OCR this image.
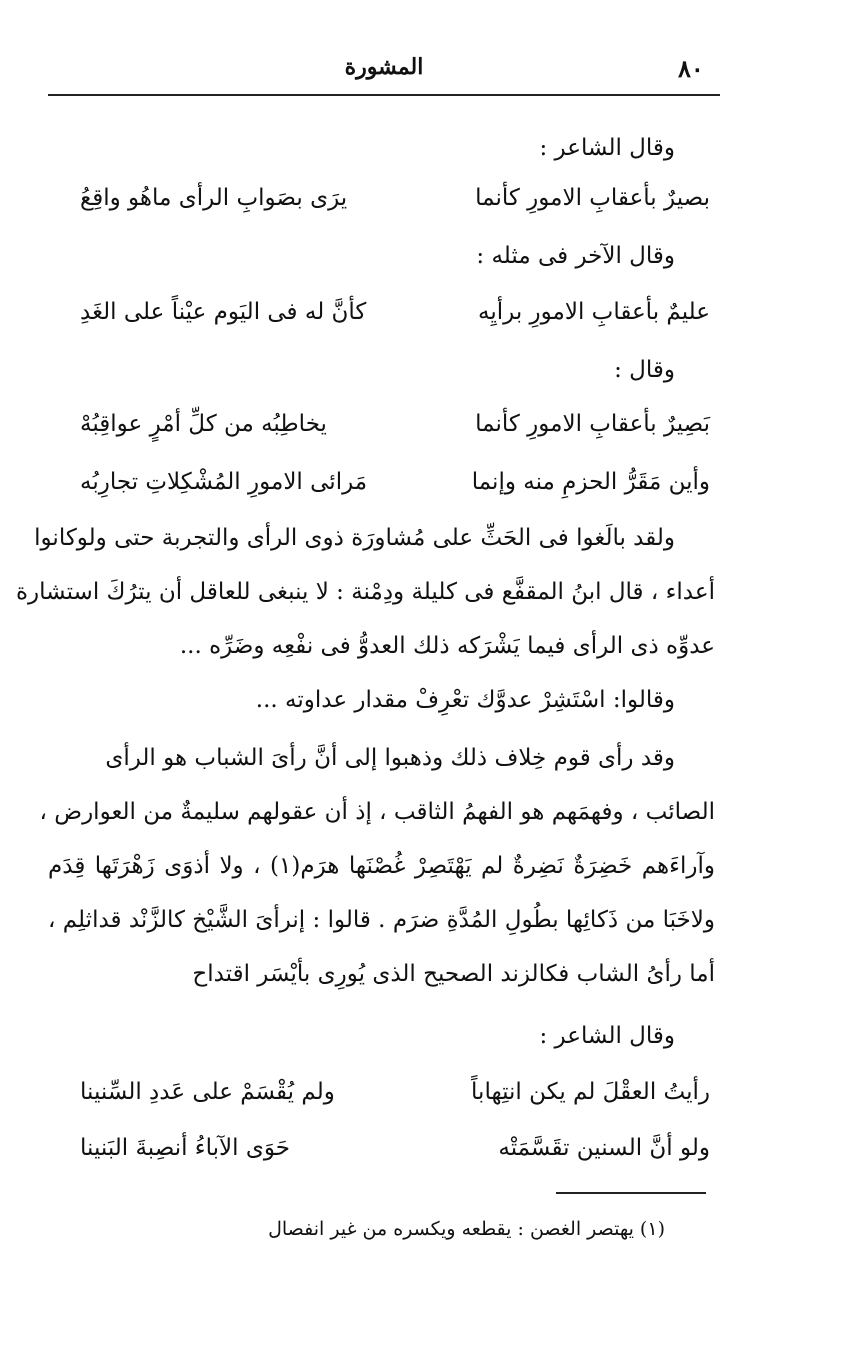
٨٠
المشورة
وقال الشاعر :
بصيرٌ بأعقابِ الامورِ كأنما
يرَى بصَوابِ الرأى ماهُو واقِعُ
وقال الآخر فى مثله :
عليمٌ بأعقابِ الامورِ برأيِه
كأنَّ له فى اليَوم عيْناً على الغَدِ
وقال :
بَصِيرٌ بأعقابِ الامورِ كأنما
يخاطِبُه من كلِّ أمْرٍ عواقِبُهْ
وأين مَقَرُّ الحزمِ منه وإنما
مَرائى الامورِ المُشْكِلاتِ تجارِبُه
ولقد بالَغوا فى الحَثِّ على مُشاورَة ذوى الرأى والتجربة حتى ولوكانوا
أعداء ، قال ابنُ المقفَّع فى كليلة ودِمْنة : لا ينبغى للعاقل أن يترُكَ استشارة
عدوِّه ذى الرأى فيما يَشْرَكه ذلك العدوُّ فى نفْعِه وضَرِّه ...
وقالوا: اسْتَشِرْ عدوَّك تعْرِفْ مقدار عداوته ...
وقد رأى قوم خِلاف ذلك وذهبوا إلى أنَّ رأىَ الشباب هو الرأى
الصائب ، وفهمَهم هو الفهمُ الثاقب ، إذ أن عقولهم سليمةٌ من العوارض ،
وآراءَهم خَضِرَةٌ نَضِرةٌ لم يَهْتَصِرْ غُصْنَها هرَم(١) ، ولا أذوَى زَهْرَتَها قِدَم
ولاخَبَا من ذَكائِها بطُولِ المُدَّةِ ضرَم . قالوا : إنرأىَ الشَّيْخ كالزَّنْد قداثلِم ،
أما رأىُ الشاب فكالزند الصحيح الذى يُورِى بأيْسَر اقتداح
وقال الشاعر :
رأيتُ العقْلَ لم يكن انتِهاباً
ولم يُقْسَمْ على عَددِ السِّنينا
ولو أنَّ السنين تقَسَّمَتْه
حَوَى الآباءُ أنصِبةَ البَنينا
(١) يهتصر الغصن : يقطعه ويكسره من غير انفصال
